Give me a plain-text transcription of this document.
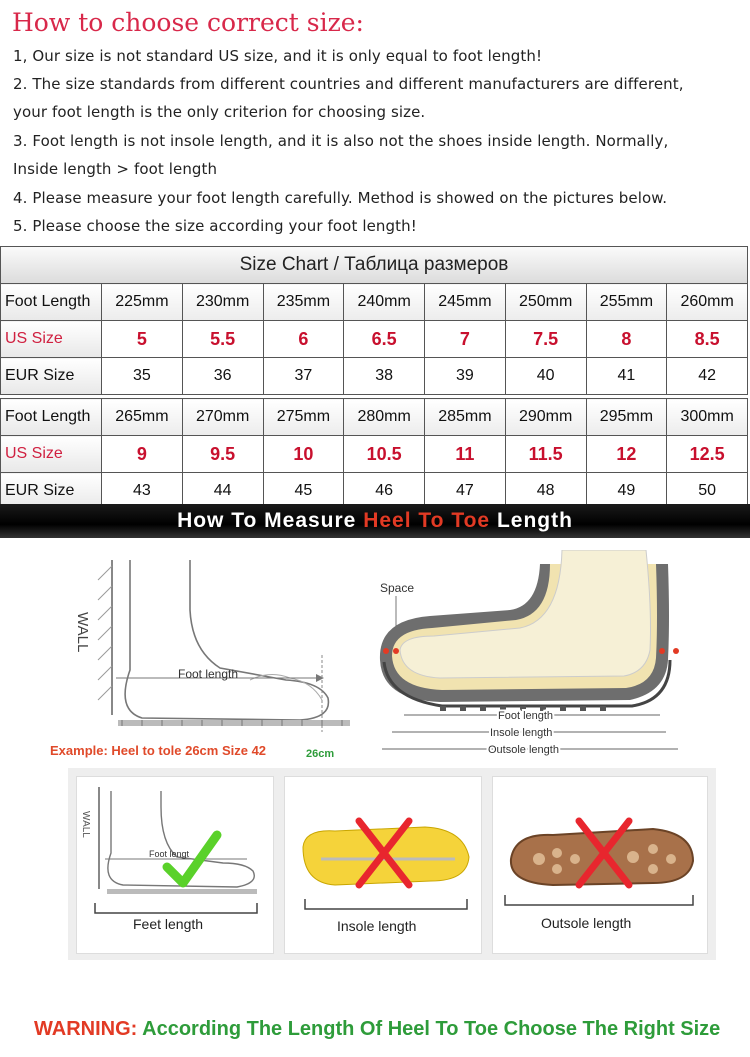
How to choose correct size:
1, Our size is not standard US size, and it is only equal to foot length!
2. The size standards from different countries and different manufacturers are different,
your foot length is the only criterion for choosing size.
3. Foot length is not insole length, and it is also not the shoes inside length. Normally,
Inside length > foot length
4. Please measure your foot length carefully. Method is showed on the pictures below.
5. Please choose the size according your foot length!
Size Chart / Таблица размеров
Foot Length	225mm	230mm	235mm	240mm	245mm	250mm	255mm	260mm
US Size	5	5.5	6	6.5	7	7.5	8	8.5
EUR Size	35	36	37	38	39	40	41	42
Foot Length	265mm	270mm	275mm	280mm	285mm	290mm	295mm	300mm
US Size	9	9.5	10	10.5	11	11.5	12	12.5
EUR Size	43	44	45	46	47	48	49	50
How To Measure Heel To Toe Length
WALL
Foot length
26cm
Example: Heel to tole 26cm Size 42
Space
Foot length
Insole length
Outsole length
WALL
Foot lengt
Feet length	Insole length	Outsole length
WARNING: According The Length Of Heel To Toe Choose The Right Size
